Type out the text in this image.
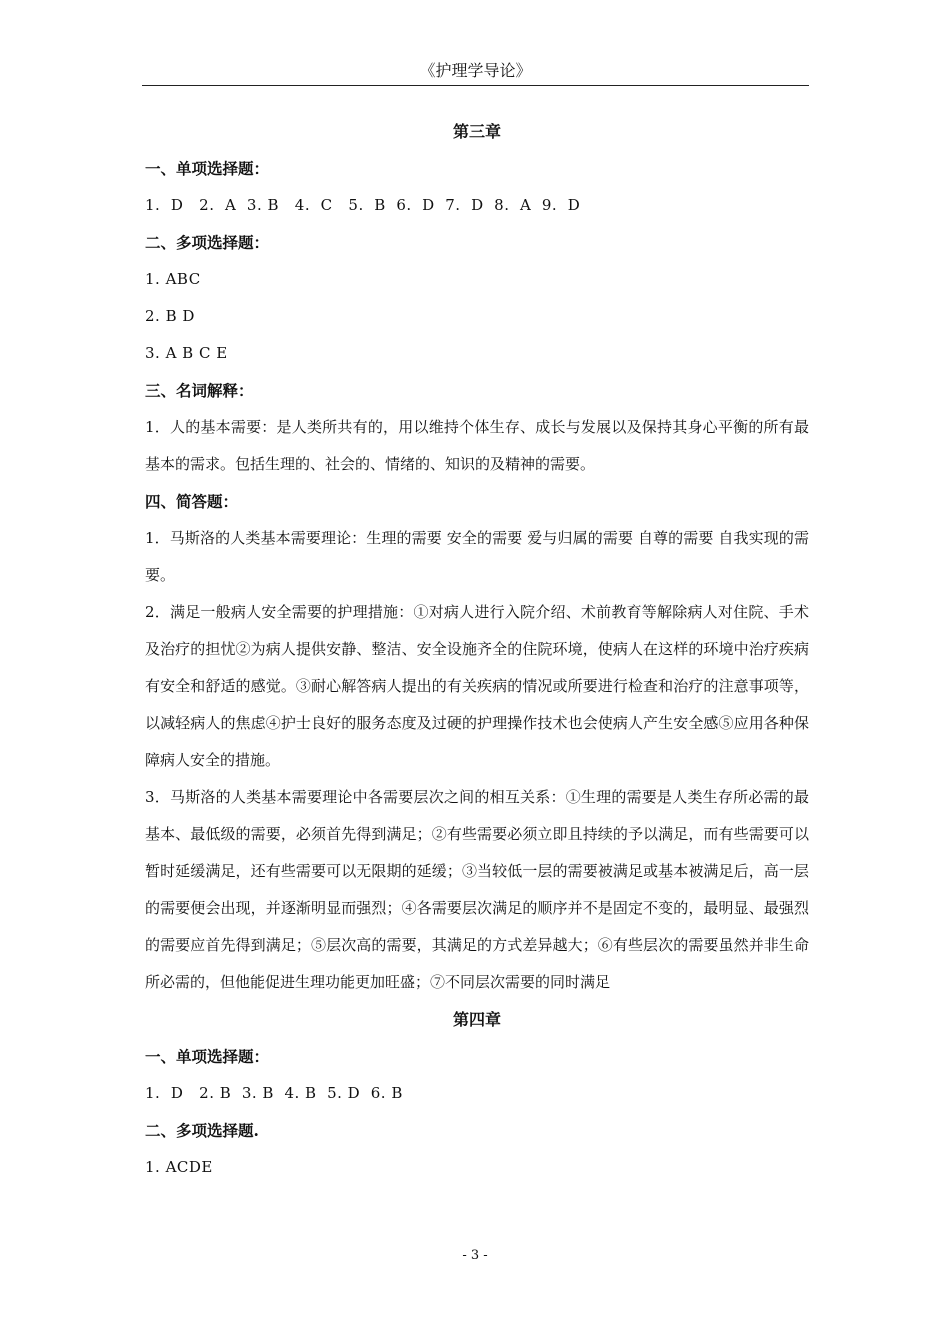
《护理学导论》
第三章
一、单项选择题：
1.  D   2.  A  3. B   4.  C   5.  B  6.  D  7.  D  8.  A  9.  D
二、多项选择题：
1. ABC
2. B D
3. A B C E
三、名词解释：

1．人的基本需要：是人类所共有的，用以维持个体生存、成长与发展以及保持其身心平衡的所有最基本的需求。包括生理的、社会的、情绪的、知识的及精神的需要。

四、简答题：

1．马斯洛的人类基本需要理论：生理的需要 安全的需要 爱与归属的需要 自尊的需要 自我实现的需要。

2．满足一般病人安全需要的护理措施：①对病人进行入院介绍、术前教育等解除病人对住院、手术及治疗的担忧②为病人提供安静、整洁、安全设施齐全的住院环境，使病人在这样的环境中治疗疾病有安全和舒适的感觉。③耐心解答病人提出的有关疾病的情况或所要进行检查和治疗的注意事项等，以减轻病人的焦虑④护士良好的服务态度及过硬的护理操作技术也会使病人产生安全感⑤应用各种保障病人安全的措施。

3．马斯洛的人类基本需要理论中各需要层次之间的相互关系：①生理的需要是人类生存所必需的最基本、最低级的需要，必须首先得到满足；②有些需要必须立即且持续的予以满足，而有些需要可以暂时延缓满足，还有些需要可以无限期的延缓；③当较低一层的需要被满足或基本被满足后，高一层的需要便会出现，并逐渐明显而强烈；④各需要层次满足的顺序并不是固定不变的，最明显、最强烈的需要应首先得到满足；⑤层次高的需要，其满足的方式差异越大；⑥有些层次的需要虽然并非生命所必需的，但他能促进生理功能更加旺盛；⑦不同层次需要的同时满足

第四章
一、单项选择题：
1.  D   2. B  3. B  4. B  5. D  6. B
二、多项选择题.
1. ACDE
- 3 -
